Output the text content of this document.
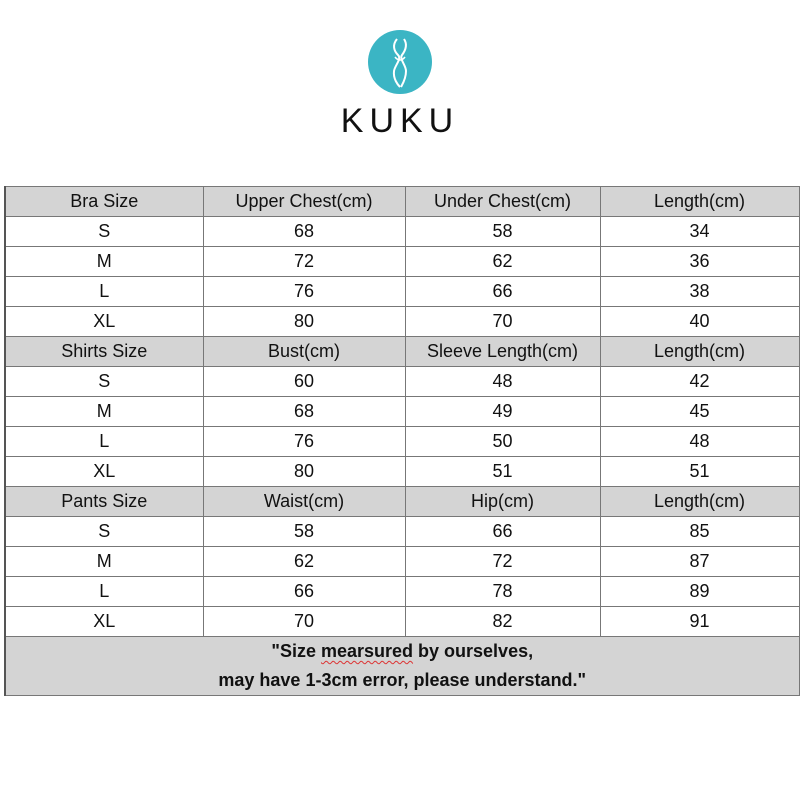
KUKU
Bra Size	Upper Chest(cm)	Under Chest(cm)	Length(cm)
S	68	58	34
M	72	62	36
L	76	66	38
XL	80	70	40
Shirts Size	Bust(cm)	Sleeve Length(cm)	Length(cm)
S	60	48	42
M	68	49	45
L	76	50	48
XL	80	51	51
Pants Size	Waist(cm)	Hip(cm)	Length(cm)
S	58	66	85
M	62	72	87
L	66	78	89
XL	70	82	91
"Size mearsured by ourselves,
may have 1-3cm error, please understand."			
